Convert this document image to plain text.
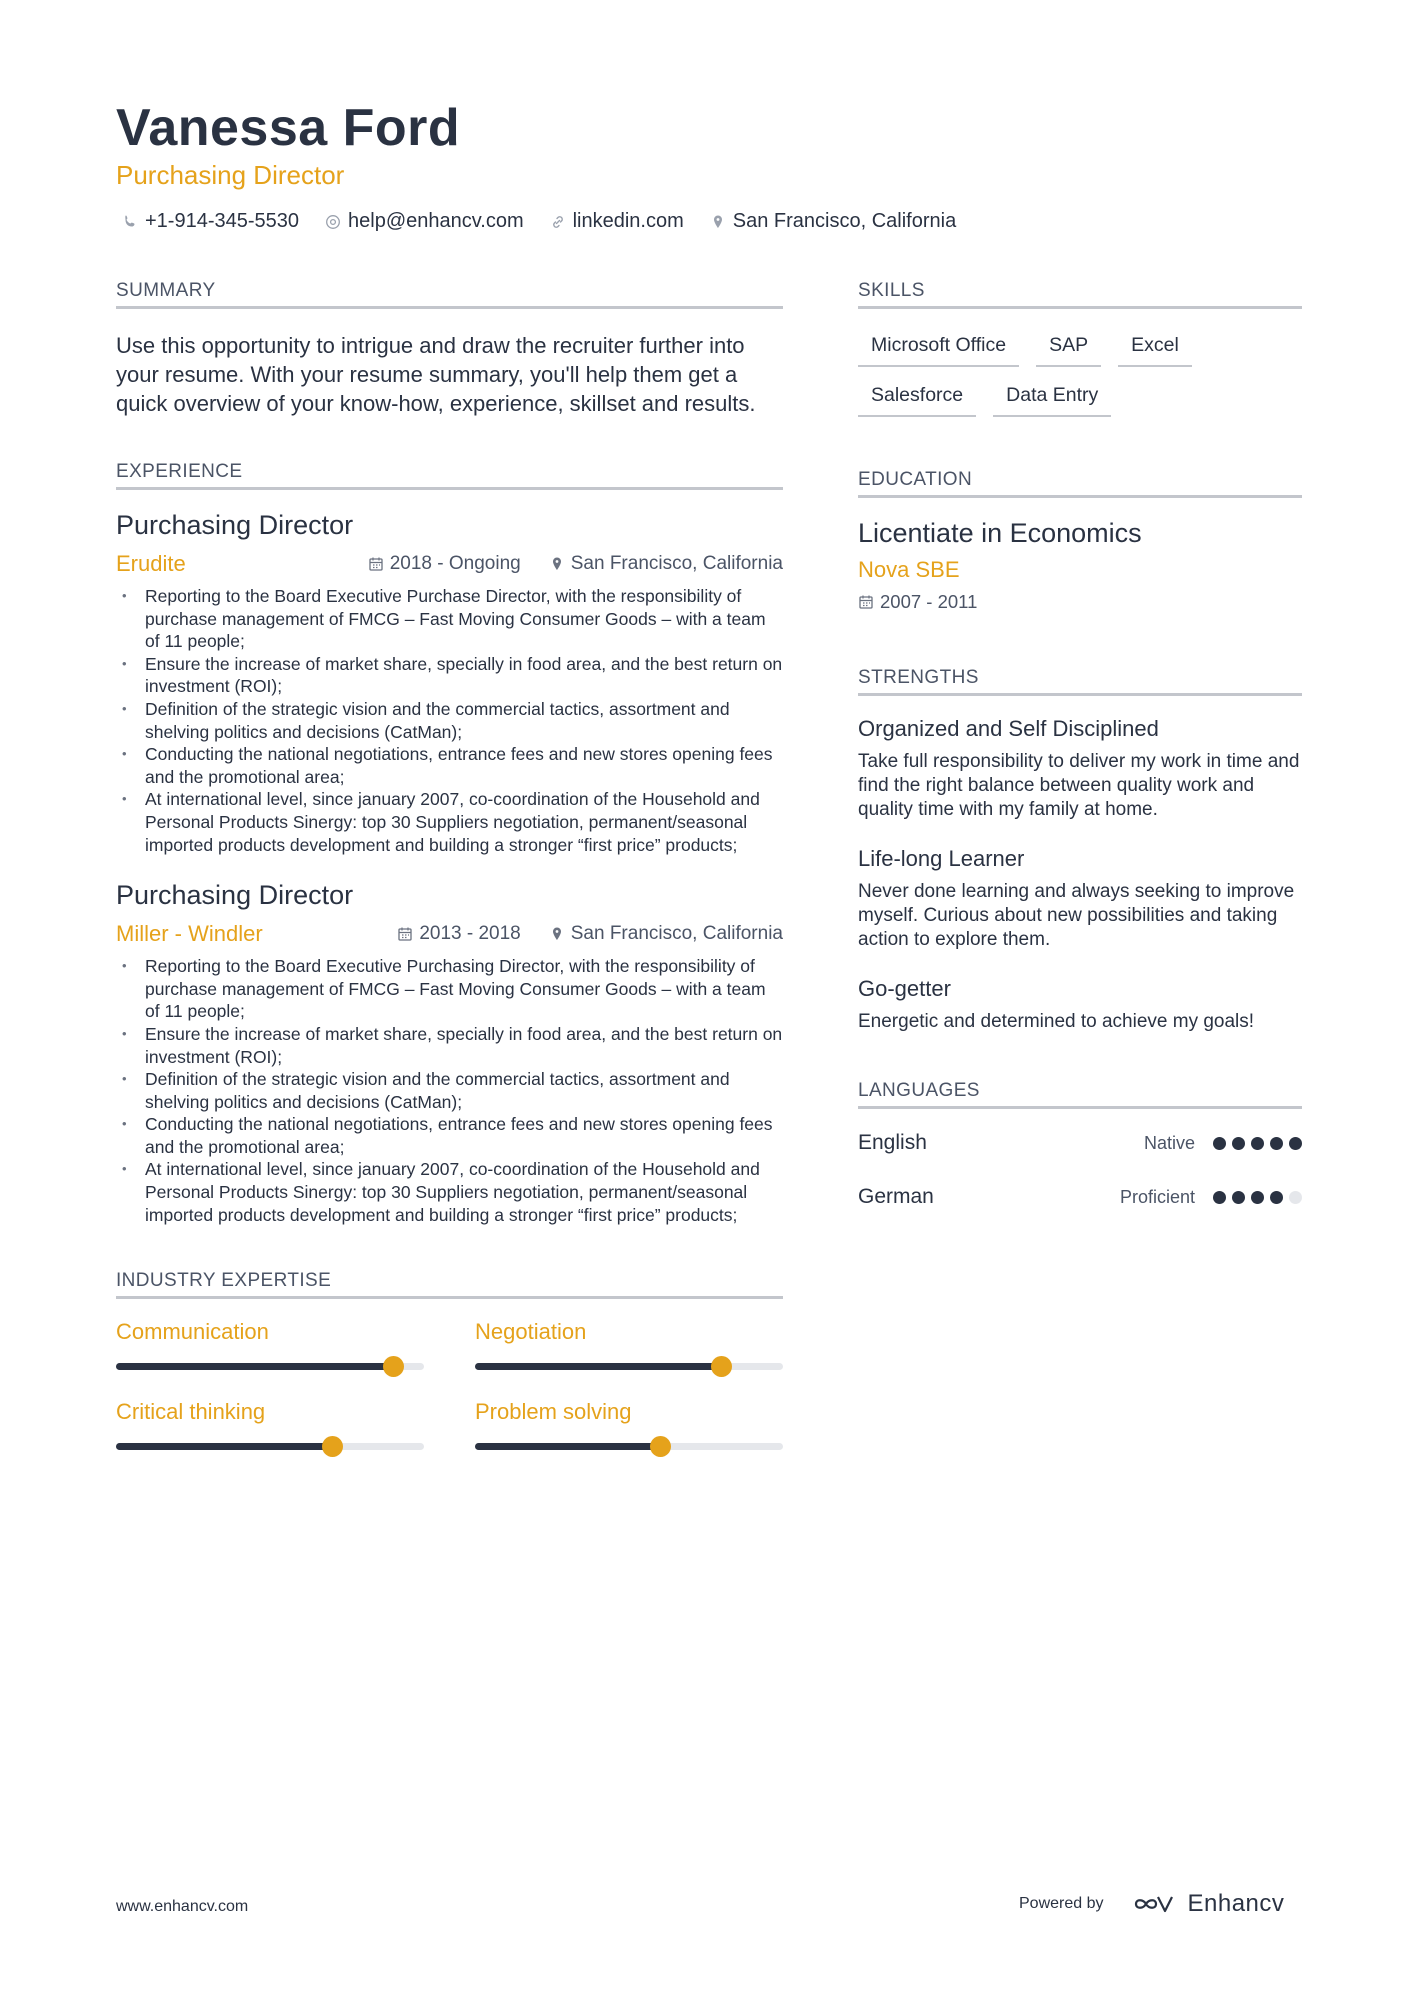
Vanessa Ford
Purchasing Director
+1-914-345-5530 help@enhancv.com linkedin.com San Francisco, California
SUMMARY
Use this opportunity to intrigue and draw the recruiter further into your resume. With your resume summary, you'll help them get a quick overview of your know-how, experience, skillset and results.
EXPERIENCE
Purchasing Director
Erudite	2018 - Ongoing	San Francisco, California
• Reporting to the Board Executive Purchase Director, with the responsibility of purchase management of FMCG – Fast Moving Consumer Goods – with a team of 11 people;
• Ensure the increase of market share, specially in food area, and the best return on investment (ROI);
• Definition of the strategic vision and the commercial tactics, assortment and shelving politics and decisions (CatMan);
• Conducting the national negotiations, entrance fees and new stores opening fees and the promotional area;
• At international level, since january 2007, co-coordination of the Household and Personal Products Sinergy: top 30 Suppliers negotiation, permanent/seasonal imported products development and building a stronger “first price” products;
Purchasing Director
Miller - Windler	2013 - 2018	San Francisco, California
• Reporting to the Board Executive Purchasing Director, with the responsibility of purchase management of FMCG – Fast Moving Consumer Goods – with a team of 11 people;
• Ensure the increase of market share, specially in food area, and the best return on investment (ROI);
• Definition of the strategic vision and the commercial tactics, assortment and shelving politics and decisions (CatMan);
• Conducting the national negotiations, entrance fees and new stores opening fees and the promotional area;
• At international level, since january 2007, co-coordination of the Household and Personal Products Sinergy: top 30 Suppliers negotiation, permanent/seasonal imported products development and building a stronger “first price” products;
INDUSTRY EXPERTISE
Communication	Negotiation
Critical thinking	Problem solving
SKILLS
Microsoft Office	SAP	Excel
Salesforce	Data Entry
EDUCATION
Licentiate in Economics
Nova SBE
2007 - 2011
STRENGTHS
Organized and Self Disciplined
Take full responsibility to deliver my work in time and find the right balance between quality work and quality time with my family at home.
Life-long Learner
Never done learning and always seeking to improve myself. Curious about new possibilities and taking action to explore them.
Go-getter
Energetic and determined to achieve my goals!
LANGUAGES
English	Native
German	Proficient
www.enhancv.com	Powered by	Enhancv
